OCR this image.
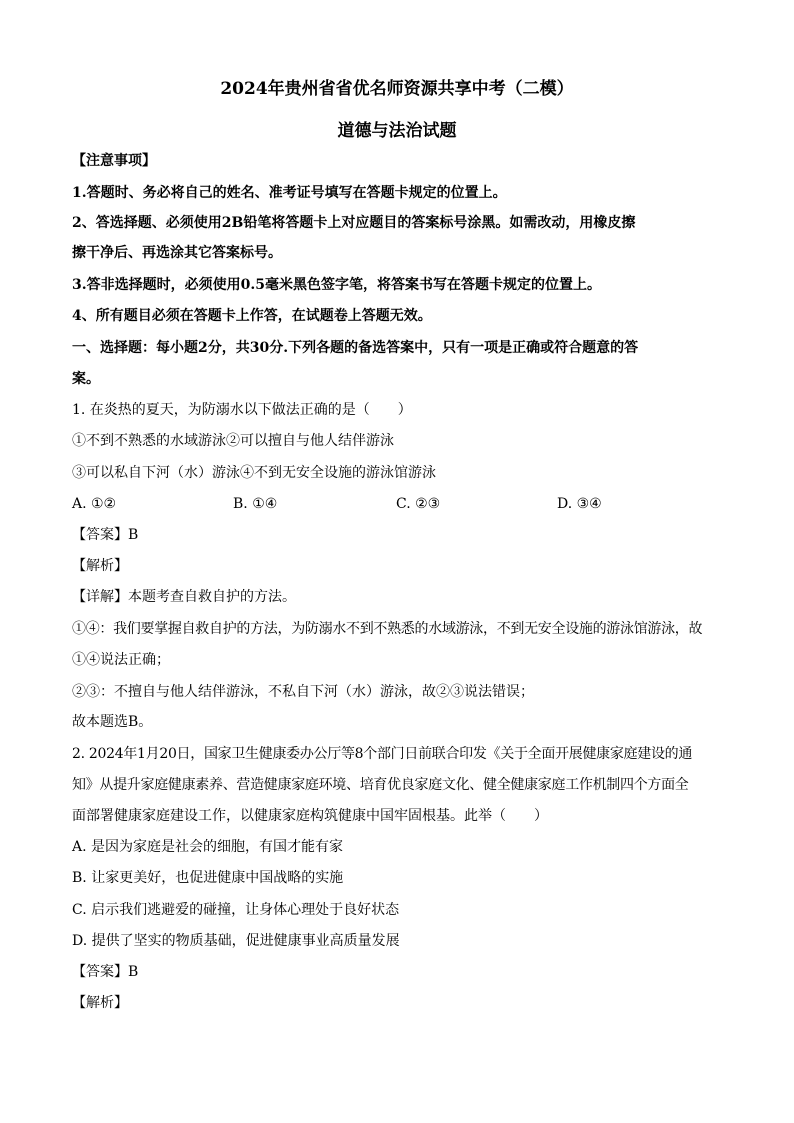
2024年贵州省省优名师资源共享中考（二模）
道德与法治试题
【注意事项】
1.答题时、务必将自己的姓名、准考证号填写在答题卡规定的位置上。
2、答选择题、必须使用2B铅笔将答题卡上对应题目的答案标号涂黑。如需改动，用橡皮擦
擦干净后、再选涂其它答案标号。
3.答非选择题时，必须使用0.5毫米黑色签字笔，将答案书写在答题卡规定的位置上。
4、所有题目必须在答题卡上作答，在试题卷上答题无效。
一、选择题：每小题2分，共30分.下列各题的备选答案中，只有一项是正确或符合题意的答
案。
1. 在炎热的夏天，为防溺水以下做法正确的是（　　）
①不到不熟悉的水域游泳②可以擅自与他人结伴游泳
③可以私自下河（水）游泳④不到无安全设施的游泳馆游泳
A. ①②	B. ①④	C. ②③	D. ③④
【答案】B
【解析】
【详解】本题考查自救自护的方法。
①④：我们要掌握自救自护的方法，为防溺水不到不熟悉的水域游泳，不到无安全设施的游泳馆游泳，故
①④说法正确；
②③：不擅自与他人结伴游泳，不私自下河（水）游泳，故②③说法错误；
故本题选B。
2. 2024年1月20日，国家卫生健康委办公厅等8个部门日前联合印发《关于全面开展健康家庭建设的通
知》从提升家庭健康素养、营造健康家庭环境、培育优良家庭文化、健全健康家庭工作机制四个方面全
面部署健康家庭建设工作，以健康家庭构筑健康中国牢固根基。此举（　　）
A. 是因为家庭是社会的细胞，有国才能有家
B. 让家更美好，也促进健康中国战略的实施
C. 启示我们逃避爱的碰撞，让身体心理处于良好状态
D. 提供了坚实的物质基础，促进健康事业高质量发展
【答案】B
【解析】
